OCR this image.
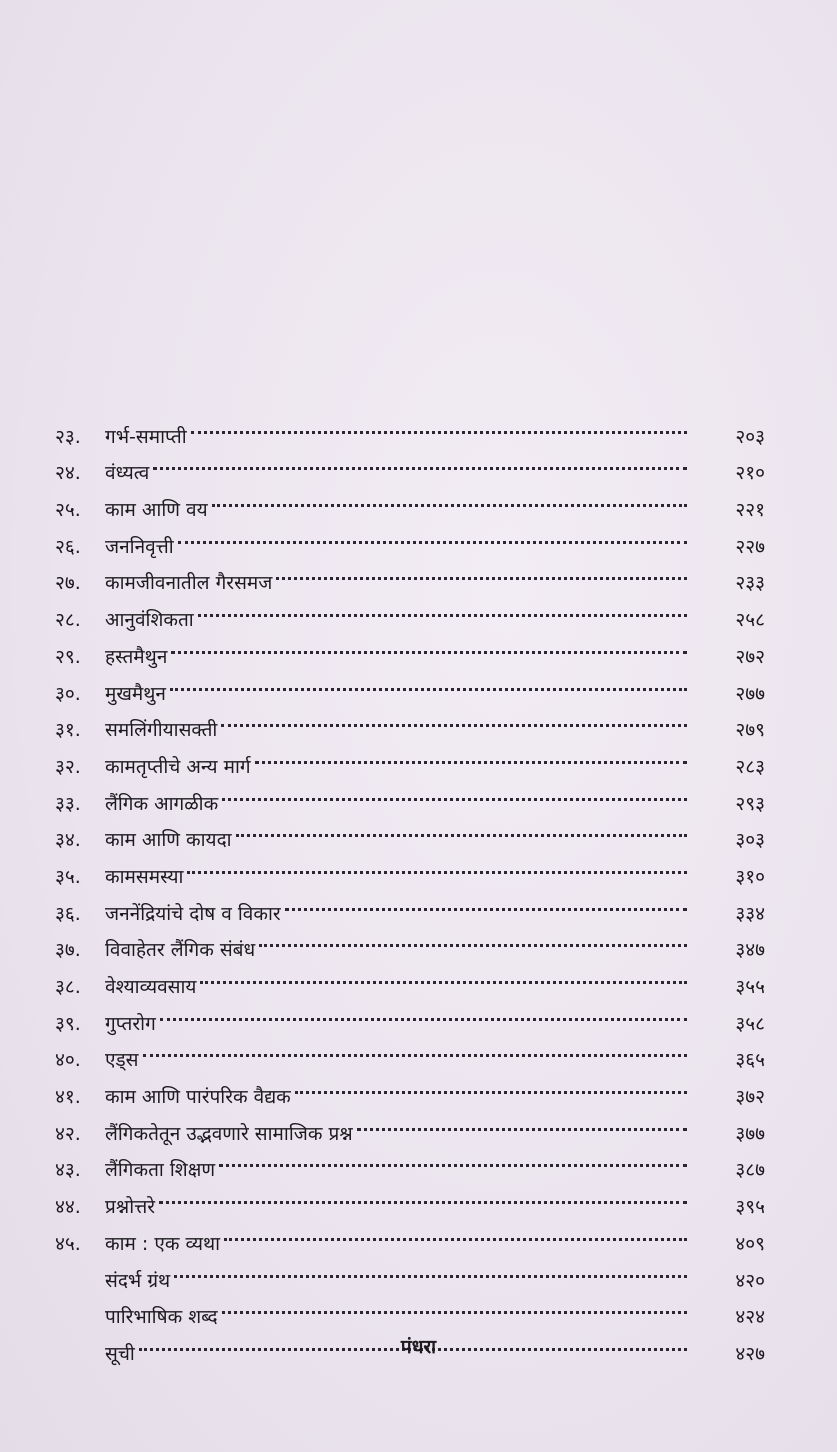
२३.	गर्भ-समाप्ती	२०३
२४.	वंध्यत्व	२१०
२५.	काम आणि वय	२२१
२६.	जननिवृत्ती	२२७
२७.	कामजीवनातील गैरसमज	२३३
२८.	आनुवंशिकता	२५८
२९.	हस्तमैथुन	२७२
३०.	मुखमैथुन	२७७
३१.	समलिंगीयासक्ती	२७९
३२.	कामतृप्तीचे अन्य मार्ग	२८३
३३.	लैंगिक आगळीक	२९३
३४.	काम आणि कायदा	३०३
३५.	कामसमस्या	३१०
३६.	जननेंद्रियांचे दोष व विकार	३३४
३७.	विवाहेतर लैंगिक संबंध	३४७
३८.	वेश्याव्यवसाय	३५५
३९.	गुप्तरोग	३५८
४०.	एड्स	३६५
४१.	काम आणि पारंपरिक वैद्यक	३७२
४२.	लैंगिकतेतून उद्भवणारे सामाजिक प्रश्न	३७७
४३.	लैंगिकता शिक्षण	३८७
४४.	प्रश्नोत्तरे	३९५
४५.	काम : एक व्यथा	४०९
संदर्भ ग्रंथ	४२०
पारिभाषिक शब्द	४२४
सूची	४२७
पंधरा
